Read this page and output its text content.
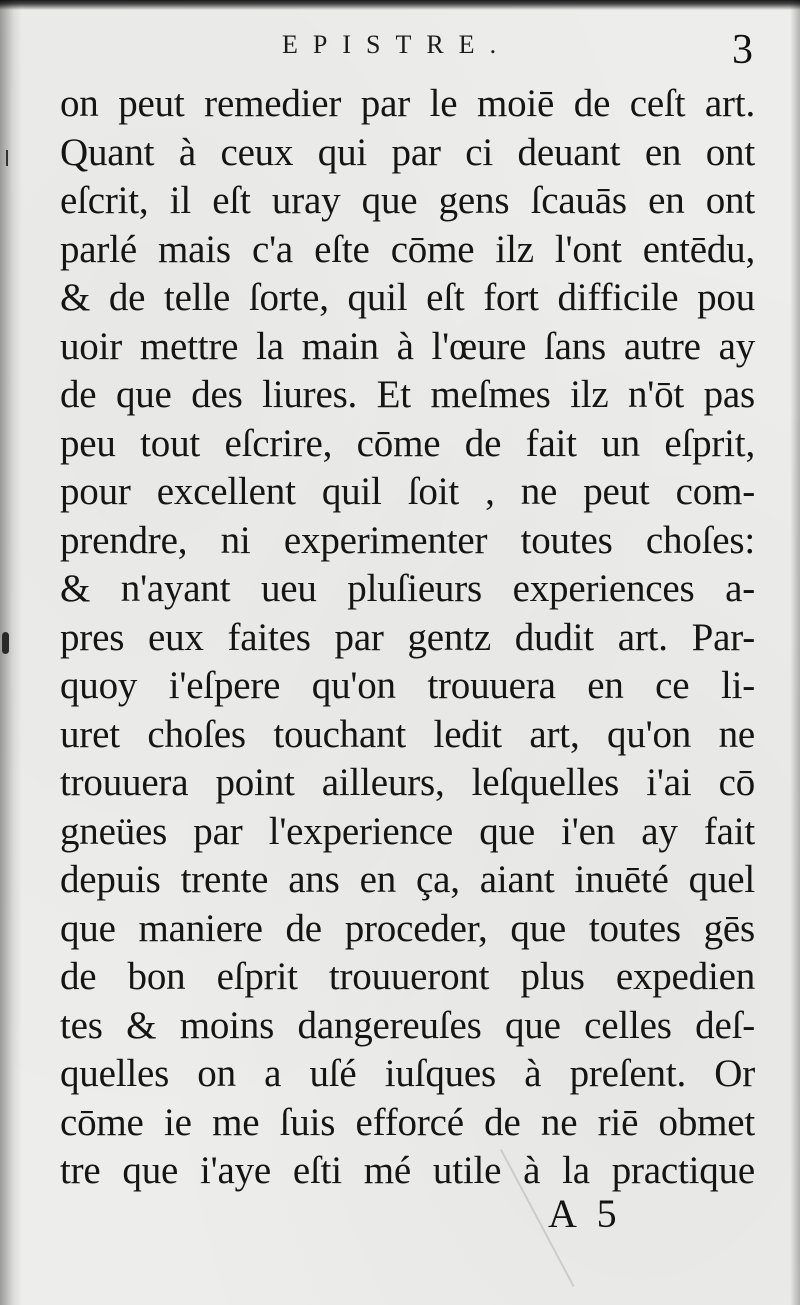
EPISTRE.	3
on peut remedier par le moiē de ceſt art.
Quant à ceux qui par ci deuant en ont
eſcrit, il eſt uray que gens ſcauās en ont
parlé mais c'a eſte cōme ilz l'ont entēdu,
& de telle ſorte, quil eſt fort difficile pou
uoir mettre la main à l'œure ſans autre ay
de que des liures. Et meſmes ilz n'ōt pas
peu tout eſcrire, cōme de fait un eſprit,
pour excellent quil ſoit , ne peut com-
prendre, ni experimenter toutes choſes:
& n'ayant ueu pluſieurs experiences a-
pres eux faites par gentz dudit art. Par-
quoy i'eſpere qu'on trouuera en ce li-
uret choſes touchant ledit art, qu'on ne
trouuera point ailleurs, leſquelles i'ai cō
gneües par l'experience que i'en ay fait
depuis trente ans en ça, aiant inuēté quel
que maniere de proceder, que toutes gēs
de bon eſprit trouueront plus expedien
tes & moins dangereuſes que celles deſ-
quelles on a uſé iuſques à preſent. Or
cōme ie me ſuis efforcé de ne riē obmet
tre que i'aye eſti mé utile à la practique
A 5
